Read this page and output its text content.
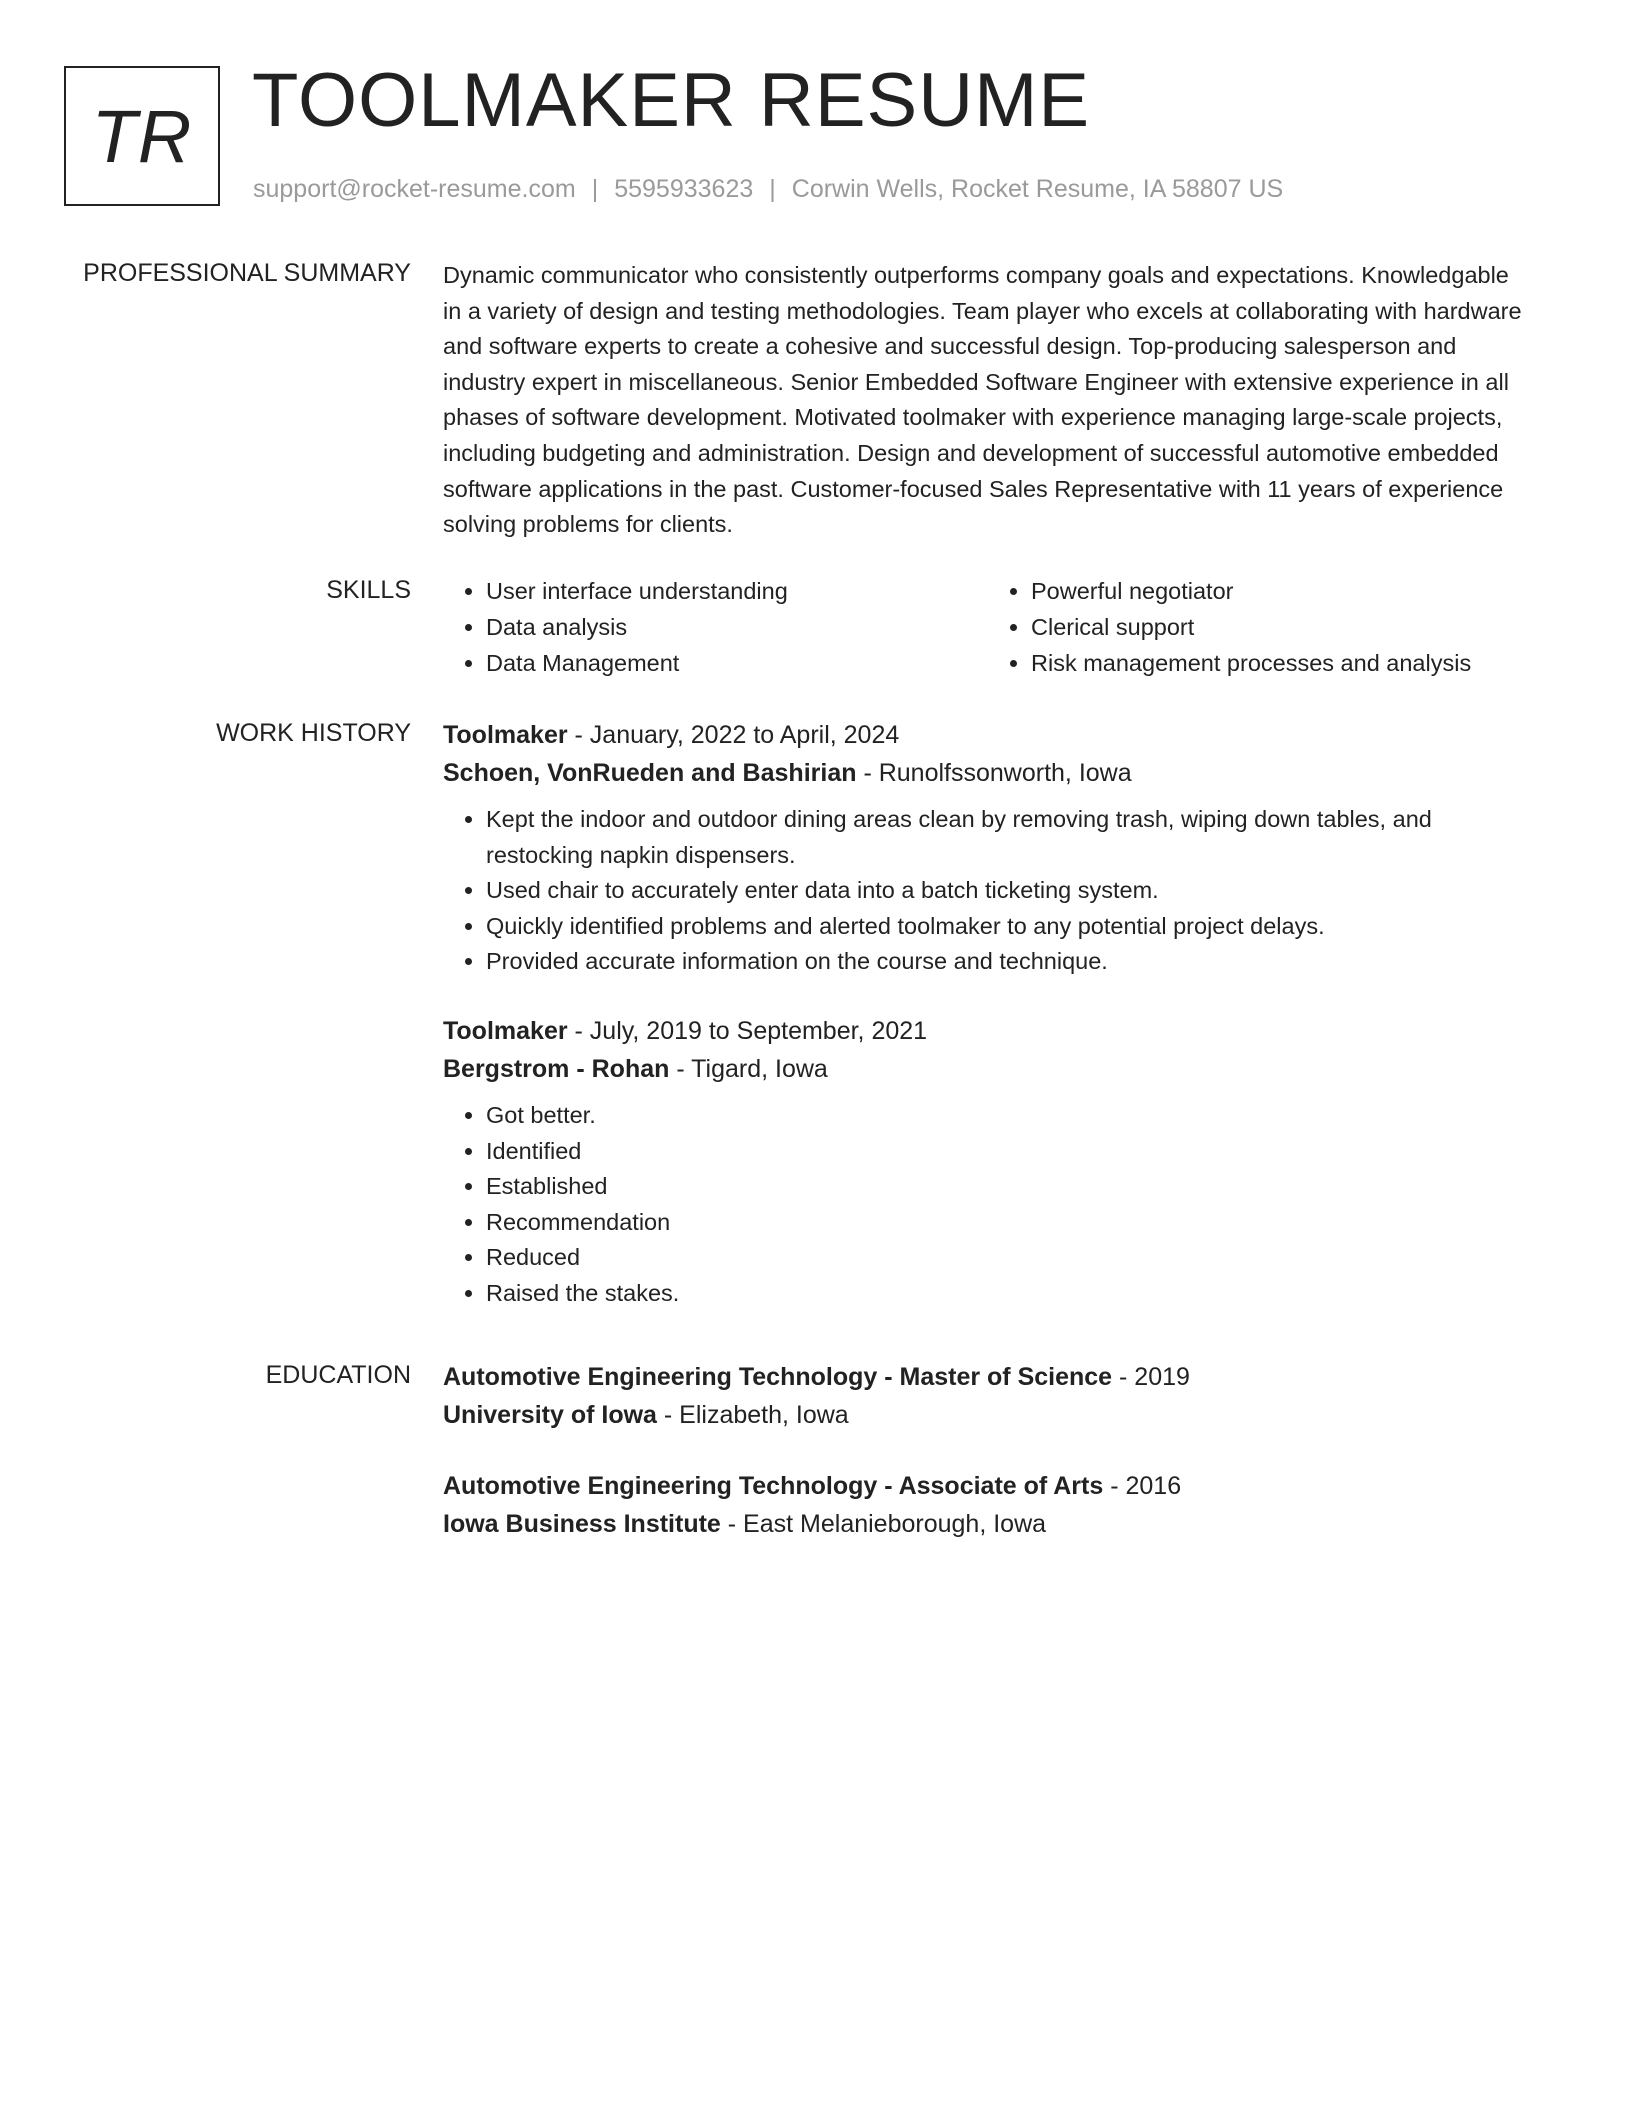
TR TOOLMAKER RESUME
support@rocket-resume.com | 5595933623 | Corwin Wells, Rocket Resume, IA 58807 US
PROFESSIONAL SUMMARY Dynamic communicator who consistently outperforms company goals and expectations. Knowledgable in a variety of design and testing methodologies. Team player who excels at collaborating with hardware and software experts to create a cohesive and successful design. Top-producing salesperson and industry expert in miscellaneous. Senior Embedded Software Engineer with extensive experience in all phases of software development. Motivated toolmaker with experience managing large-scale projects, including budgeting and administration. Design and development of successful automotive embedded software applications in the past. Customer-focused Sales Representative with 11 years of experience solving problems for clients.

SKILLS
•	User interface understanding
• Data analysis
• Data Management
• Powerful negotiator
• Clerical support
• Risk management processes and analysis
WORK HISTORY Toolmaker - January, 2022 to April, 2024
Schoen, VonRueden and Bashirian - Runolfssonworth, Iowa
• Kept the indoor and outdoor dining areas clean by removing trash, wiping down tables, and restocking napkin dispensers.
• Used chair to accurately enter data into a batch ticketing system.
• Quickly identified problems and alerted toolmaker to any potential project delays.
• Provided accurate information on the course and technique.
Toolmaker - July, 2019 to September, 2021
Bergstrom - Rohan - Tigard, Iowa
• Got better.
• Identified
• Established
• Recommendation
• Reduced
• Raised the stakes.
EDUCATION Automotive Engineering Technology - Master of Science - 2019
University of Iowa - Elizabeth, Iowa
Automotive Engineering Technology - Associate of Arts - 2016
Iowa Business Institute - East Melanieborough, Iowa
